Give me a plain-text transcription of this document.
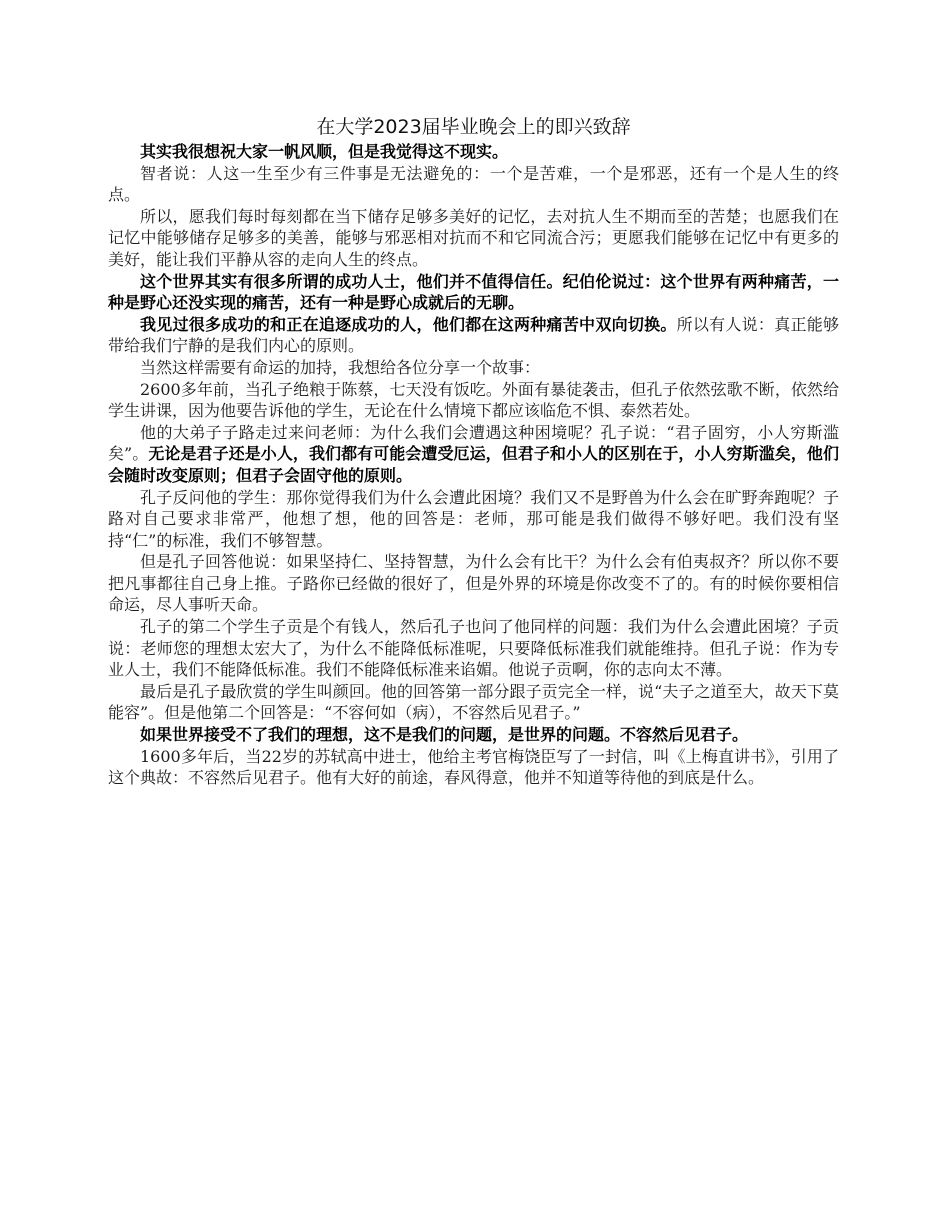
在大学2023届毕业晚会上的即兴致辞

其实我很想祝大家一帆风顺，但是我觉得这不现实。

智者说：人这一生至少有三件事是无法避免的：一个是苦难，一个是邪恶，还有一个是人生的终点。

所以，愿我们每时每刻都在当下储存足够多美好的记忆，去对抗人生不期而至的苦楚；也愿我们在记忆中能够储存足够多的美善，能够与邪恶相对抗而不和它同流合污；更愿我们能够在记忆中有更多的美好，能让我们平静从容的走向人生的终点。

这个世界其实有很多所谓的成功人士，他们并不值得信任。纪伯伦说过：这个世界有两种痛苦，一种是野心还没实现的痛苦，还有一种是野心成就后的无聊。

我见过很多成功的和正在追逐成功的人，他们都在这两种痛苦中双向切换。所以有人说：真正能够带给我们宁静的是我们内心的原则。

当然这样需要有命运的加持，我想给各位分享一个故事：

2600多年前，当孔子绝粮于陈蔡，七天没有饭吃。外面有暴徒袭击，但孔子依然弦歌不断，依然给学生讲课，因为他要告诉他的学生，无论在什么情境下都应该临危不惧、泰然若处。

他的大弟子子路走过来问老师：为什么我们会遭遇这种困境呢？孔子说：“君子固穷，小人穷斯滥矣”。无论是君子还是小人，我们都有可能会遭受厄运，但君子和小人的区别在于，小人穷斯滥矣，他们会随时改变原则；但君子会固守他的原则。

孔子反问他的学生：那你觉得我们为什么会遭此困境？我们又不是野兽为什么会在旷野奔跑呢？子路对自己要求非常严，他想了想，他的回答是：老师，那可能是我们做得不够好吧。我们没有坚持“仁”的标准，我们不够智慧。

但是孔子回答他说：如果坚持仁、坚持智慧，为什么会有比干？为什么会有伯夷叔齐？所以你不要把凡事都往自己身上推。子路你已经做的很好了，但是外界的环境是你改变不了的。有的时候你要相信命运，尽人事听天命。

孔子的第二个学生子贡是个有钱人，然后孔子也问了他同样的问题：我们为什么会遭此困境？子贡说：老师您的理想太宏大了，为什么不能降低标准呢，只要降低标准我们就能维持。但孔子说：作为专业人士，我们不能降低标准。我们不能降低标准来谄媚。他说子贡啊，你的志向太不薄。

最后是孔子最欣赏的学生叫颜回。他的回答第一部分跟子贡完全一样，说“夫子之道至大，故天下莫能容”。但是他第二个回答是：“不容何如（病），不容然后见君子。”

如果世界接受不了我们的理想，这不是我们的问题，是世界的问题。不容然后见君子。

1600多年后，当22岁的苏轼高中进士，他给主考官梅饶臣写了一封信，叫《上梅直讲书》，引用了这个典故：不容然后见君子。他有大好的前途，春风得意，他并不知道等待他的到底是什么。
